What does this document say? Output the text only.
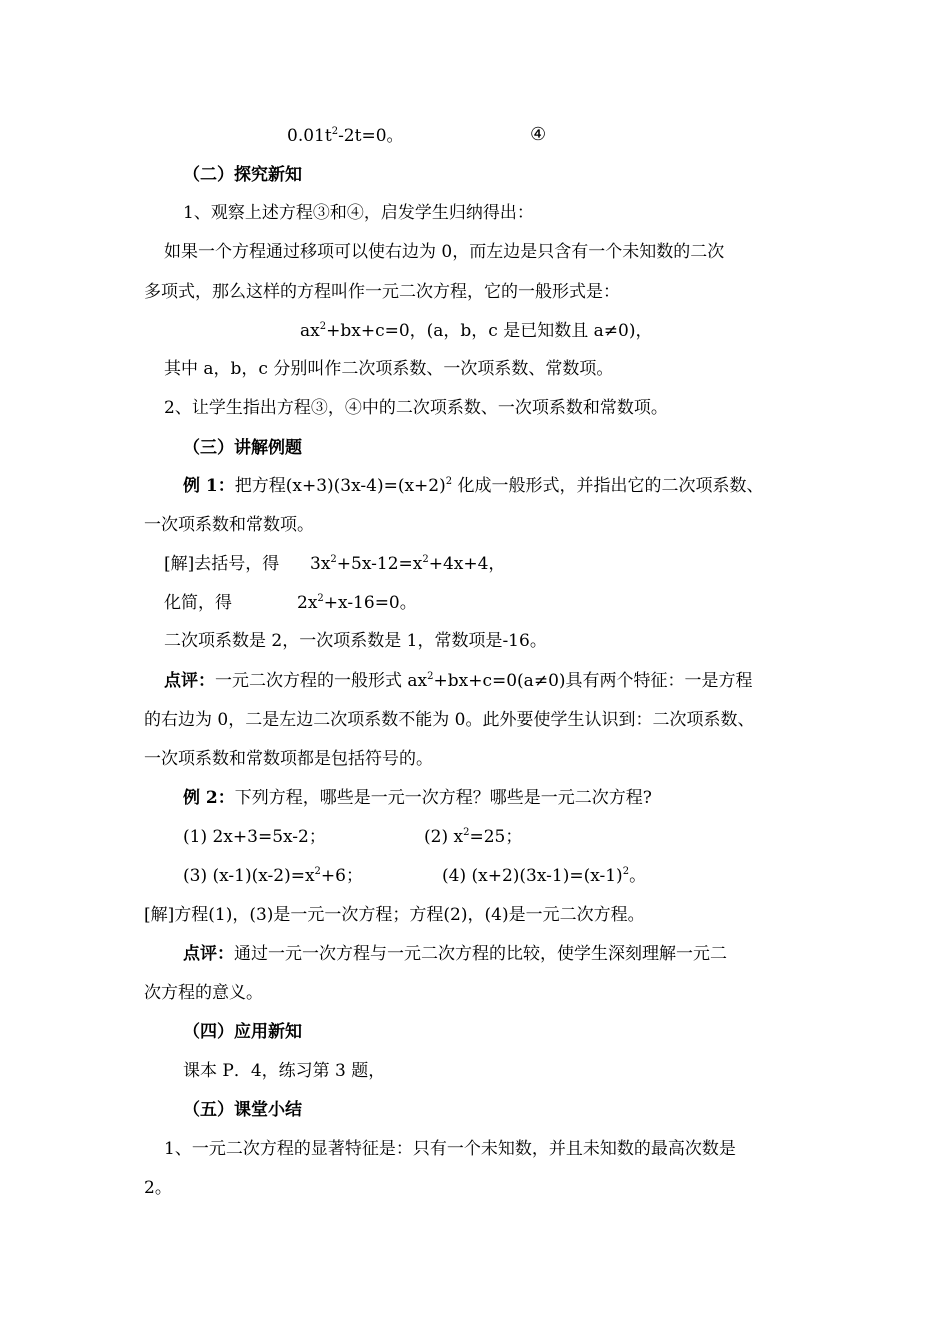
$0.01t^2-2t=0$。	④
（二）探究新知
1、观察上述方程③和④，启发学生归纳得出：
如果一个方程通过移项可以使右边为 0，而左边是只含有一个未知数的二次
多项式，那么这样的方程叫作一元二次方程，它的一般形式是：
$ax^2+bx+c=0$，(a，b，c 是已知数且 a≠0)，
其中 a，b，c 分别叫作二次项系数、一次项系数、常数项。
2、让学生指出方程③，④中的二次项系数、一次项系数和常数项。
（三）讲解例题
例 1：把方程$(x+3)(3x-4)=(x+2)^2$ 化成一般形式，并指出它的二次项系数、
一次项系数和常数项。
[解]去括号，得 $3x^2+5x-12=x^2+4x+4$，
化简，得	$2x^2+x-16=0$。
二次项系数是 2，一次项系数是 1，常数项是-16。
点评：一元二次方程的一般形式 $ax^2+bx+c=0(a\ne 0)$具有两个特征：一是方程
的右边为 0，二是左边二次项系数不能为 0。此外要使学生认识到：二次项系数、
一次项系数和常数项都是包括符号的。
例 2：下列方程，哪些是一元一次方程？哪些是一元二次方程?
(1) 2x+3=5x-2；	(2) $x^2=25$；
(3) $(x-1)(x-2)=x^2+6$；	(4) $(x+2)(3x-1)=(x-1)^2$。
[解]方程(1)，(3)是一元一次方程；方程(2)，(4)是一元二次方程。
点评：通过一元一次方程与一元二次方程的比较，使学生深刻理解一元二
次方程的意义。
（四）应用新知
课本 P．4，练习第 3 题，
（五）课堂小结
1、一元二次方程的显著特征是：只有一个未知数，并且未知数的最高次数是
2。
